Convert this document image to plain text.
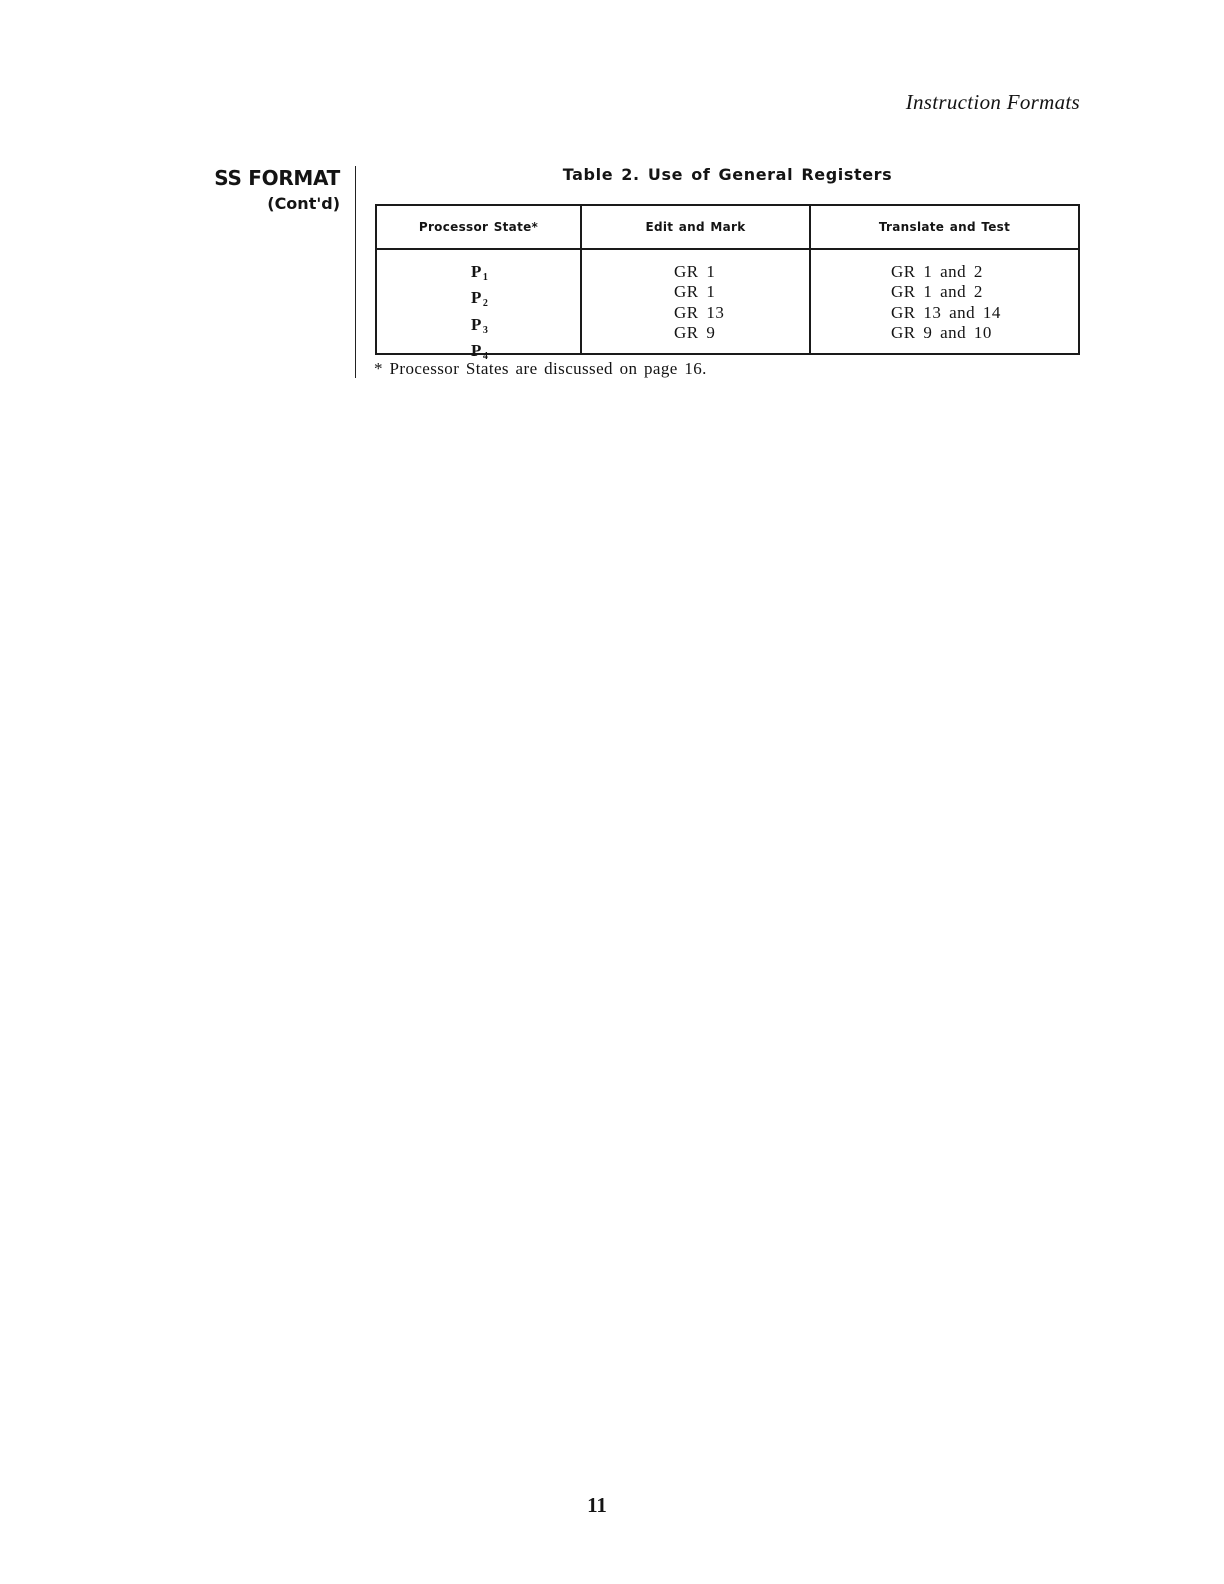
Instruction Formats
SS FORMAT
(Cont'd)
Table 2. Use of General Registers
Processor State*	Edit and Mark	Translate and Test
$P_1$
$P_2$
$P_3$
$P_4$
GR 1
GR 1
GR 13
GR 9
GR 1 and 2
GR 1 and 2
GR 13 and 14
GR 9 and 10
* Processor States are discussed on page 16.
11
